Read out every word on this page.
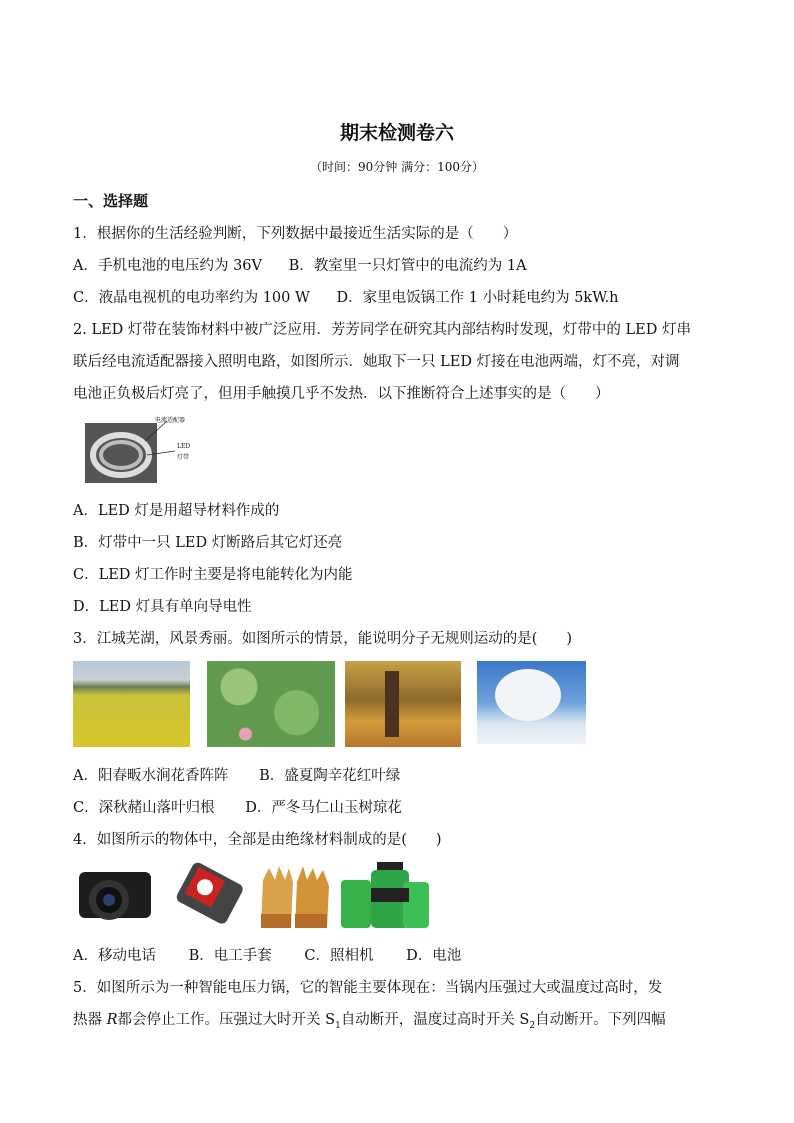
期末检测卷六
（时间：90分钟 满分：100分）
一、选择题
1．根据你的生活经验判断，下列数据中最接近生活实际的是（　　）
A．手机电池的电压约为 36V B．教室里一只灯管中的电流约为 1A
C．液晶电视机的电功率约为 100 W D．家里电饭锅工作 1 小时耗电约为 5kW.h
2. LED 灯带在装饰材料中被广泛应用．芳芳同学在研究其内部结构时发现，灯带中的 LED 灯串
联后经电流适配器接入照明电路，如图所示．她取下一只 LED 灯接在电池两端，灯不亮，对调
电池正负极后灯亮了，但用手触摸几乎不发热．以下推断符合上述事实的是（　　）
电流适配器
LED
灯带
A．LED 灯是用超导材料作成的
B．灯带中一只 LED 灯断路后其它灯还亮
C．LED 灯工作时主要是将电能转化为内能
D．LED 灯具有单向导电性
3．江城芜湖，风景秀丽。如图所示的情景，能说明分子无规则运动的是(　　)
A．阳春畈水涧花香阵阵 B．盛夏陶辛花红叶绿
C．深秋赭山落叶归根 D．严冬马仁山玉树琼花
4．如图所示的物体中，全部是由绝缘材料制成的是(　　)
A．移动电话 B．电工手套 C．照相机 D．电池
5．如图所示为一种智能电压力锅，它的智能主要体现在：当锅内压强过大或温度过高时，发
热器 R都会停止工作。压强过大时开关 $S_1$自动断开，温度过高时开关 $S_2$自动断开。下列四幅
